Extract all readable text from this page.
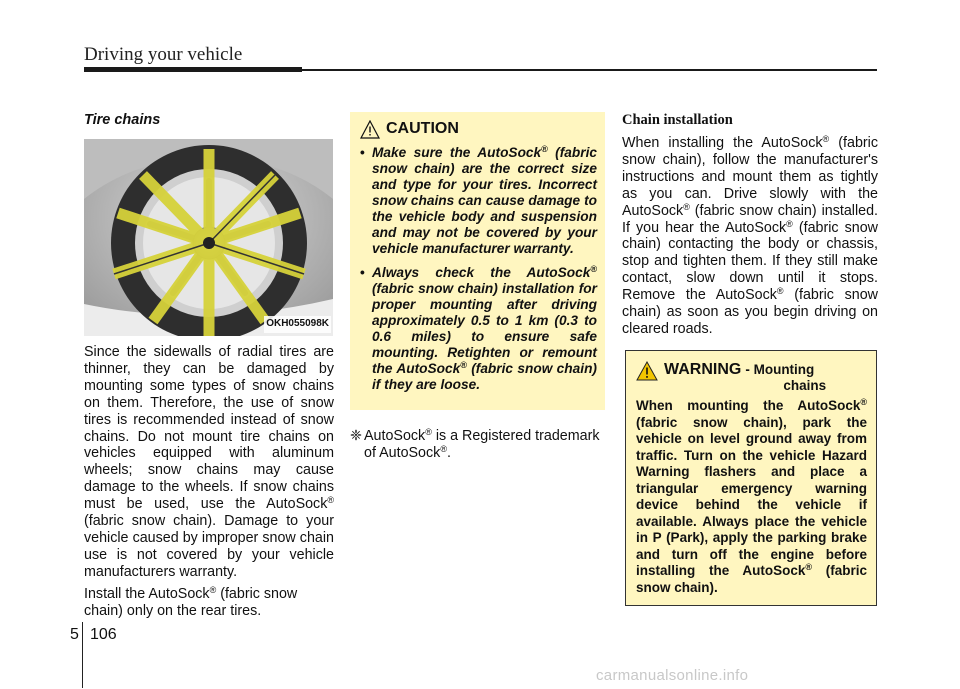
Driving your vehicle
Tire chains
OKH055098K

Since the sidewalls of radial tires are thinner, they can be damaged by mounting some types of snow chains on them. Therefore, the use of snow tires is recommended instead of snow chains. Do not mount tire chains on vehicles equipped with aluminum wheels; snow chains may cause damage to the wheels. If snow chains must be used, use the AutoSock® (fabric snow chain). Damage to your vehicle caused by improper snow chain use is not covered by your vehicle manufacturers warranty.

Install the AutoSock® (fabric snow chain) only on the rear tires.

CAUTION
• Make sure the AutoSock® (fabric snow chain) are the correct size and type for your tires. Incorrect snow chains can cause damage to the vehicle body and suspension and may not be covered by your vehicle manufacturer warranty.
• Always check the AutoSock® (fabric snow chain) installation for proper mounting after driving approximately 0.5 to 1 km (0.3 to 0.6 miles) to ensure safe mounting. Retighten or remount the AutoSock® (fabric snow chain) if they are loose.
❈ AutoSock® is a Registered trademark of AutoSock®.
Chain installation

When installing the AutoSock® (fabric snow chain), follow the manufacturer's instructions and mount them as tightly as you can. Drive slowly with the AutoSock® (fabric snow chain) installed. If you hear the AutoSock® (fabric snow chain) contacting the body or chassis, stop and tighten them. If they still make contact, slow down until it stops. Remove the AutoSock® (fabric snow chain) as soon as you begin driving on cleared roads.

WARNING - Mounting
chains

When mounting the AutoSock® (fabric snow chain), park the vehicle on level ground away from traffic. Turn on the vehicle Hazard Warning flashers and place a triangular emergency warning device behind the vehicle if available. Always place the vehicle in P (Park), apply the parking brake and turn off the engine before installing the AutoSock® (fabric snow chain).

5 106
carmanualsonline.info
